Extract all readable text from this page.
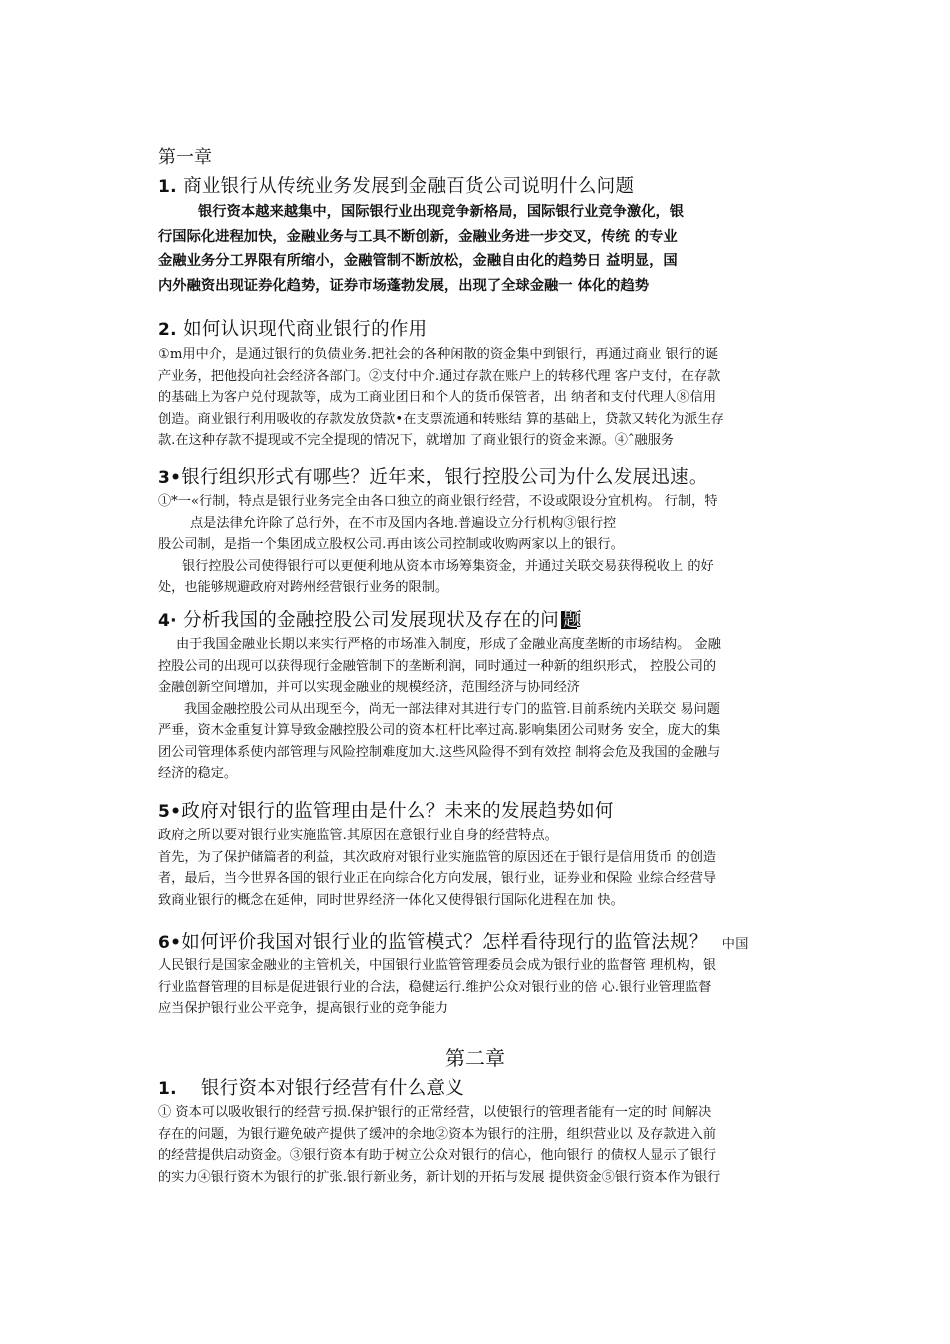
第一章
1. 商业银行从传统业务发展到金融百货公司说明什么问题
银行资本越来越集中，国际银行业出现竞争新格局，国际银行业竞争激化，银
行国际化进程加快，金融业务与工具不断创新，金融业务进一步交叉，传统 的专业
金融业务分工界限有所缩小，金融管制不断放松，金融自由化的趋势日 益明显，国
内外融资出现证券化趋势，证券市场蓬勃发展，出现了全球金融一 体化的趋势
2. 如何认识现代商业银行的作用
①m用中介，是通过银行的负债业务.把社会的各种闲散的资金集中到银行，再通过商业 银行的诞
产业务，把他投向社会经济各部门。②支付中介.通过存款在账户上的转移代理 客户支付，在存款
的基础上为客户兑付现款等，成为工商业团日和个人的货币保管者，出 纳者和支付代理人⑧信用
创造。商业银行利用吸收的存款发放贷款•在支票流通和转账结 算的基础上，贷款又转化为派生存
款.在这种存款不提现或不完全提现的情况下，就增加 了商业银行的资金来源。④ˆ融服务
3•银行组织形式有哪些？近年来，银行控股公司为什么发展迅速。
①*一«行制，特点是银行业务完全由各口独立的商业银行经营，不设或限设分宜机构。 行制，特
点是法律允许除了总行外，在不市及国内各地.普遍设立分行机构③银行控
股公司制，是指一个集团成立股权公司.再由该公司控制或收购两家以上的银行。
银行控股公司使得银行可以更便利地从资本市场筹集资金，并通过关联交易获得税收上 的好
处，也能够规避政府对跨州经营银行业务的限制。
4· 分析我国的金融控股公司发展现状及存在的问 题
由于我国金融业长期以来实行严格的市场准入制度，形成了金融业高度垄断的市场结构。 金融
控股公司的出现可以获得现行金融管制下的垄断利润，同时通过一种新的组织形式， 控股公司的
金融创新空间增加，并可以实现金融业的规模经济，范围经济与协同经济
我国金融控股公司从出现至今，尚无一部法律对其进行专门的监管.目前系统内关联交 易问题
严垂，资木金重复计算导致金融控股公司的资本杠杆比率过高.影响集团公司财务 安全，庞大的集
团公司管理体系使内部管理与风险控制难度加大.这些风险得不到有效控 制将会危及我国的金融与
经济的稳定。
5•政府对银行的监管理由是什么？未来的发展趋势如何
政府之所以要对银行业实施监管.其原因在意银行业自身的经营特点。
首先，为了保护储篇者的利益，其次政府对银行业实施监管的原因还在于银行是信用货币 的创造
者，最后，当今世界各国的银行业正在向综合化方向发展，银行业，证券业和保险 业综合经营导
致商业银行的概念在延伸，同时世界经济一体化又使得银行国际化进程在加 快。
6•如何评价我国对银行业的监管模式？怎样看待现行的监管法规？ 中国
人民银行是国家金融业的主管机关，中国银行业监管管理委员会成为银行业的监督管 理机构，银
行业监督管理的目标是促进银行业的合法，稳健运行.维护公众对银行业的倍 心.银行业管理监督
应当保护银行业公平竞争，提高银行业的竞争能力
第二章
1. 银行资本对银行经营有什么意义
① 资本可以吸收银行的经营亏损.保护银行的正常经营，以使银行的管理者能有一定的时 间解决
存在的问题，为银行避免破产提供了缓冲的余地②资本为银行的注册，组织营业以 及存款进入前
的经营提供启动资金。③银行资本有助于树立公众对银行的信心，他向银行 的债权人显示了银行
的实力④银行资木为银行的扩张.银行新业务，新计划的开拓与发展 提供资金⑤银行资本作为银行
